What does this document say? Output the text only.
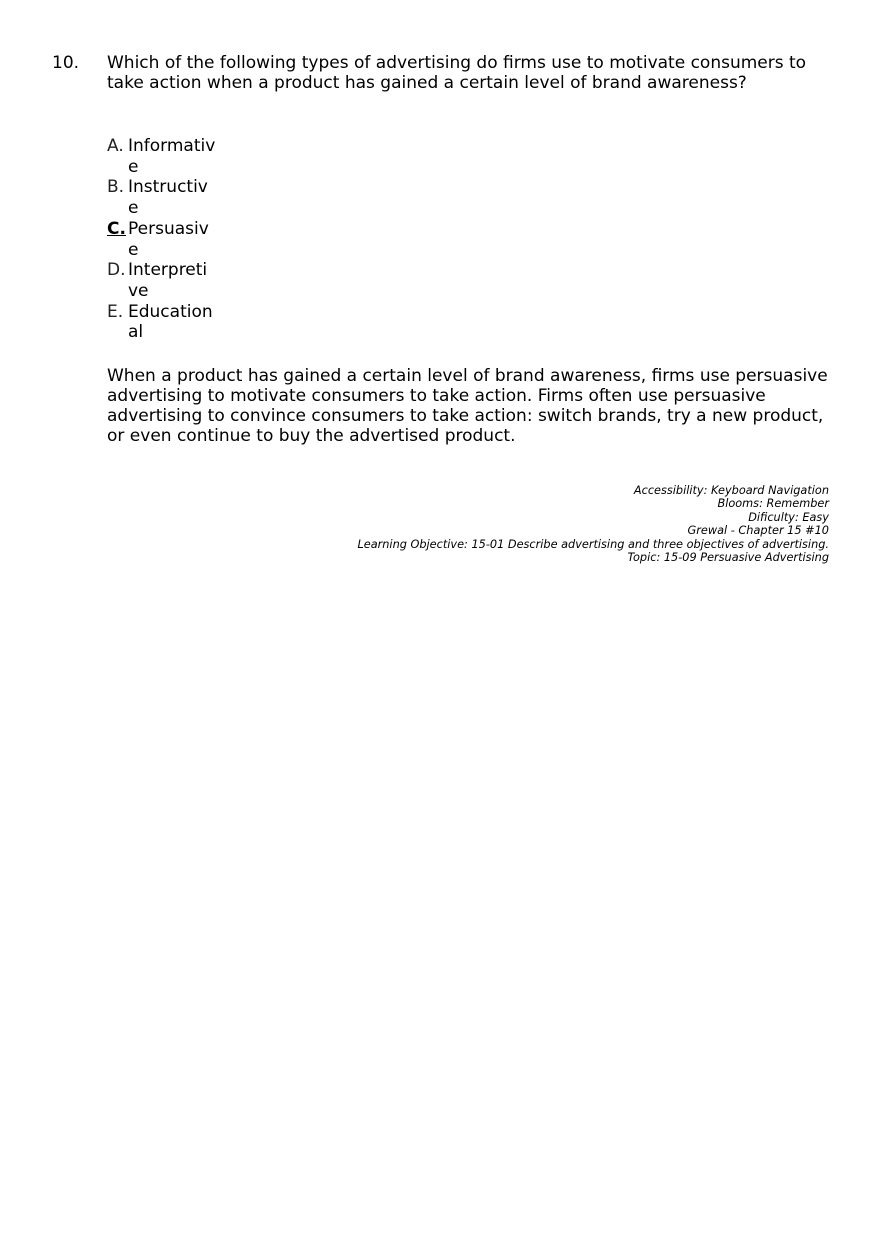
10. Which of the following types of advertising do firms use to motivate consumers to take action when a product has gained a certain level of brand awareness?
A. Informative
B. Instructive
C. Persuasive
D. Interpretive
E. Educational
When a product has gained a certain level of brand awareness, firms use persuasive advertising to motivate consumers to take action. Firms often use persuasive advertising to convince consumers to take action: switch brands, try a new product, or even continue to buy the advertised product.
Accessibility: Keyboard Navigation
Blooms: Remember
Dificulty: Easy
Grewal - Chapter 15 #10
Learning Objective: 15-01 Describe advertising and three objectives of advertising.
Topic: 15-09 Persuasive Advertising
